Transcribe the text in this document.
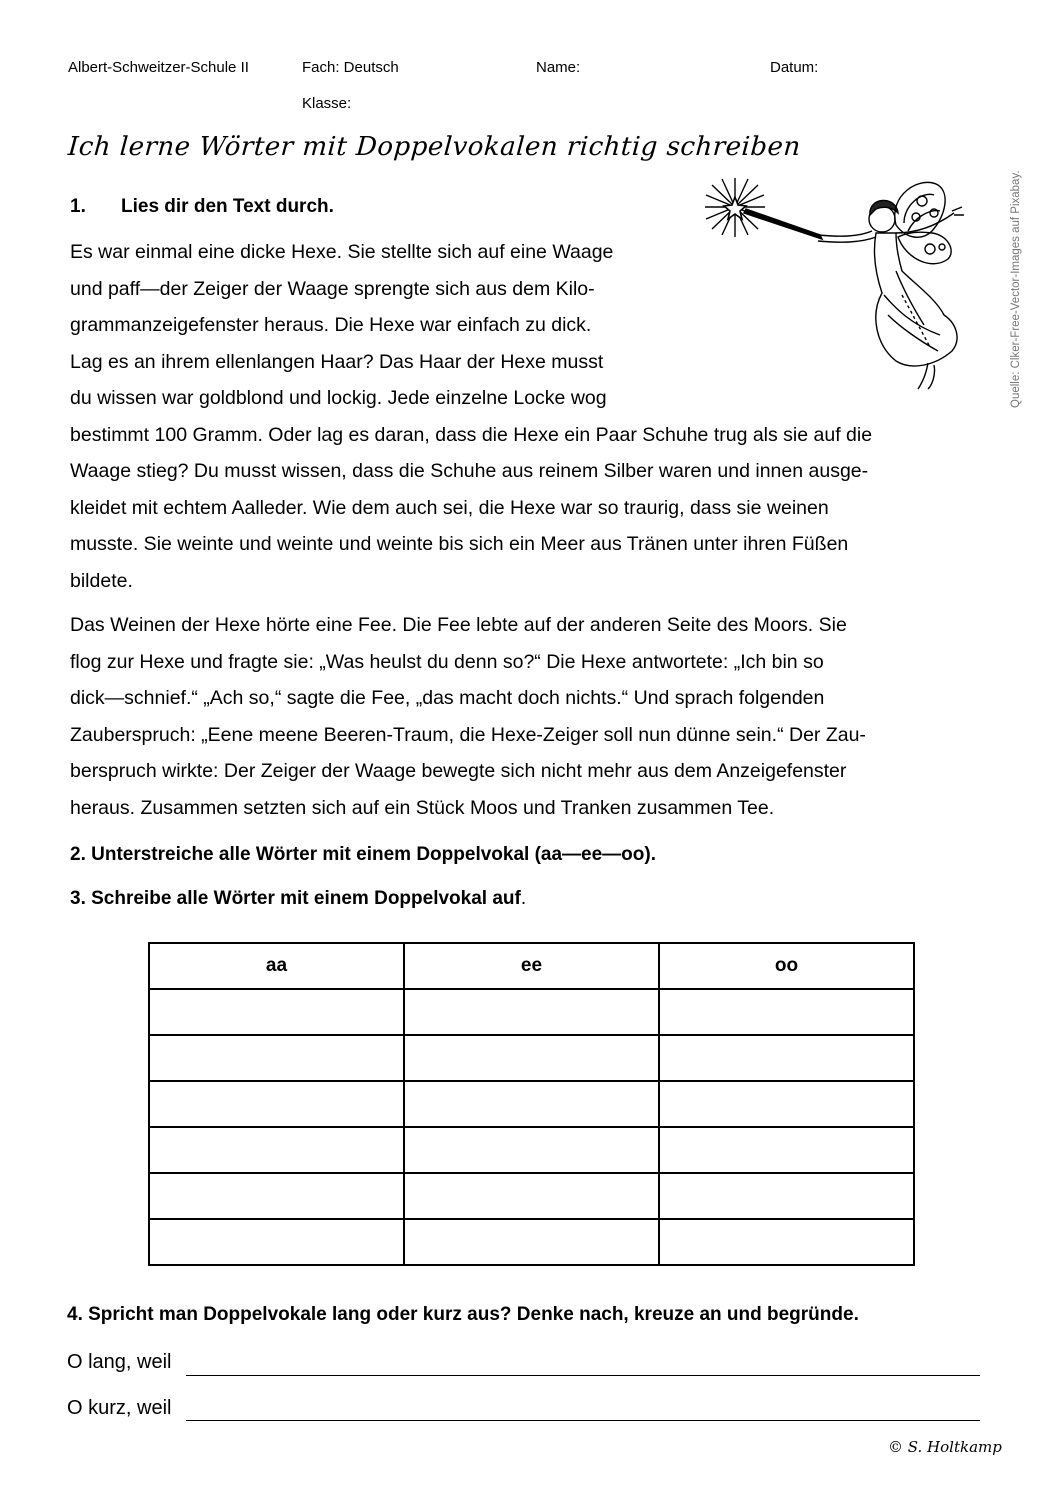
Albert-Schweitzer-Schule II	Fach: Deutsch	Name:	Datum:
Klasse:
Ich lerne Wörter mit Doppelvokalen richtig schreiben
Quelle: Clker-Free-Vector-Images auf Pixabay.
1. Lies dir den Text durch.
Es war einmal eine dicke Hexe. Sie stellte sich auf eine Waage
und paff—der Zeiger der Waage sprengte sich aus dem Kilo-
grammanzeigefenster heraus. Die Hexe war einfach zu dick.
Lag es an ihrem ellenlangen Haar? Das Haar der Hexe musst
du wissen war goldblond und lockig. Jede einzelne Locke wog
bestimmt 100 Gramm. Oder lag es daran, dass die Hexe ein Paar Schuhe trug als sie auf die
Waage stieg? Du musst wissen, dass die Schuhe aus reinem Silber waren und innen ausge-
kleidet mit echtem Aalleder. Wie dem auch sei, die Hexe war so traurig, dass sie weinen
musste. Sie weinte und weinte und weinte bis sich ein Meer aus Tränen unter ihren Füßen
bildete.
Das Weinen der Hexe hörte eine Fee. Die Fee lebte auf der anderen Seite des Moors. Sie
flog zur Hexe und fragte sie: „Was heulst du denn so?“ Die Hexe antwortete: „Ich bin so
dick—schnief.“ „Ach so,“ sagte die Fee, „das macht doch nichts.“ Und sprach folgenden
Zauberspruch: „Eene meene Beeren-Traum, die Hexe-Zeiger soll nun dünne sein.“ Der Zau-
berspruch wirkte: Der Zeiger der Waage bewegte sich nicht mehr aus dem Anzeigefenster
heraus. Zusammen setzten sich auf ein Stück Moos und Tranken zusammen Tee.
2. Unterstreiche alle Wörter mit einem Doppelvokal (aa—ee—oo).
3. Schreibe alle Wörter mit einem Doppelvokal auf.
aa	ee	oo

4. Spricht man Doppelvokale lang oder kurz aus? Denke nach, kreuze an und begründe.
O lang, weil
O kurz, weil
© S. Holtkamp
